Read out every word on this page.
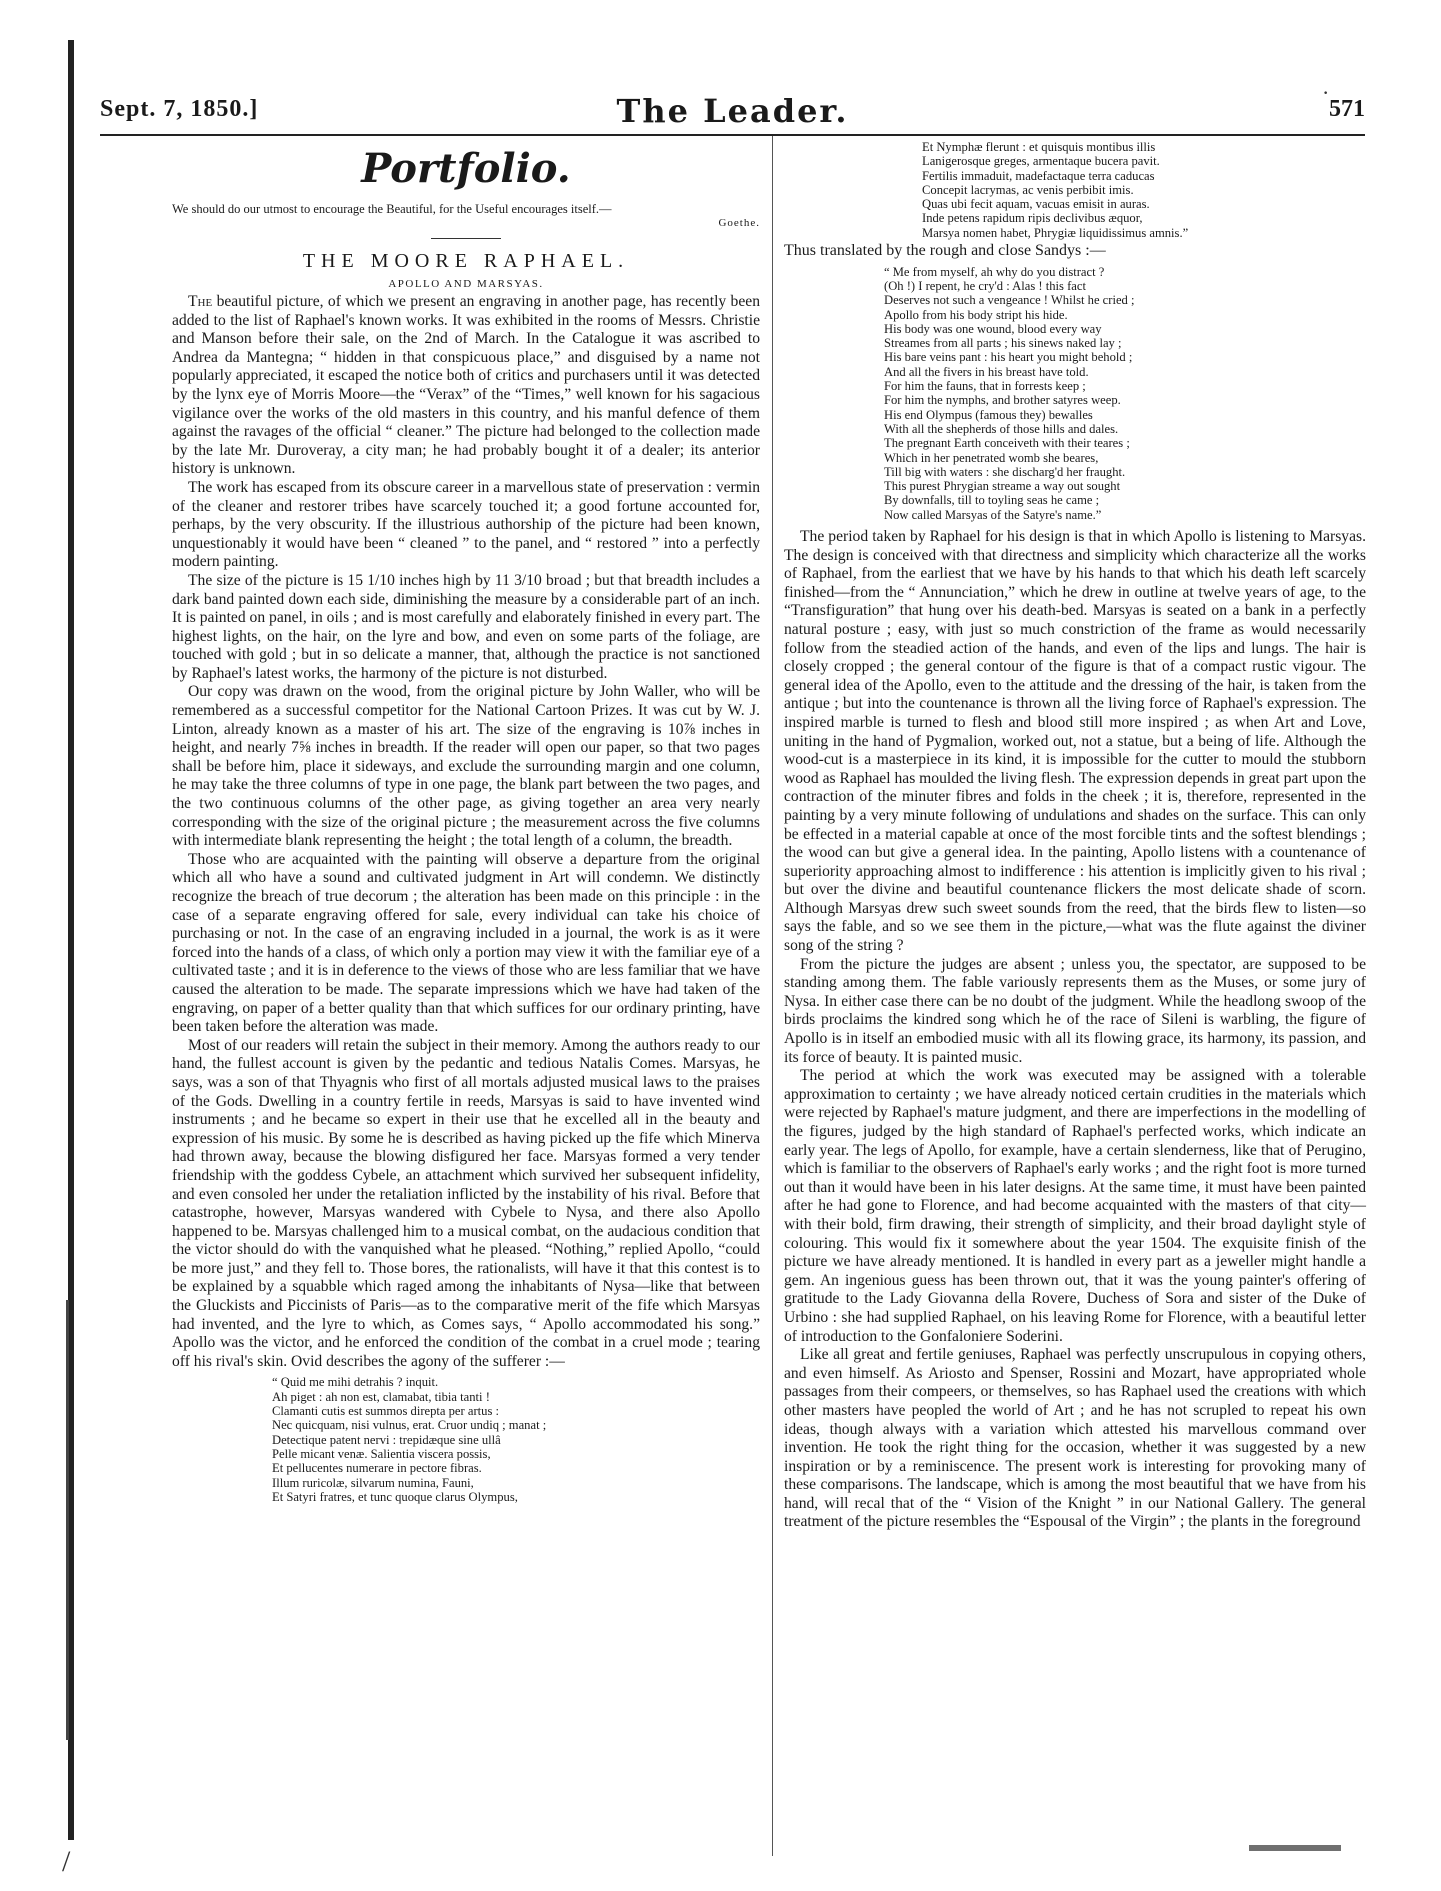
Sept. 7, 1850.]	The Leader.	571
Portfolio.
We should do our utmost to encourage the Beautiful, for the Useful encourages itself.—
Goethe.
THE MOORE RAPHAEL.
APOLLO AND MARSYAS.

The beautiful picture, of which we present an engraving in another page, has recently been added to the list of Raphael's known works. It was exhibited in the rooms of Messrs. Christie and Manson before their sale, on the 2nd of March. In the Catalogue it was ascribed to Andrea da Mantegna; “ hidden in that conspicuous place,” and disguised by a name not popularly appreciated, it escaped the notice both of critics and purchasers until it was detected by the lynx eye of Morris Moore—the “Verax” of the “Times,” well known for his sagacious vigilance over the works of the old masters in this country, and his manful defence of them against the ravages of the official “ cleaner.” The picture had belonged to the collection made by the late Mr. Duroveray, a city man; he had probably bought it of a dealer; its anterior history is unknown.

The work has escaped from its obscure career in a marvellous state of preservation : vermin of the cleaner and restorer tribes have scarcely touched it; a good fortune accounted for, perhaps, by the very obscurity. If the illustrious authorship of the picture had been known, unquestionably it would have been “ cleaned ” to the panel, and “ restored ” into a perfectly modern painting.

The size of the picture is 15 1/10 inches high by 11 3/10 broad ; but that breadth includes a dark band painted down each side, diminishing the measure by a considerable part of an inch. It is painted on panel, in oils ; and is most carefully and elaborately finished in every part. The highest lights, on the hair, on the lyre and bow, and even on some parts of the foliage, are touched with gold ; but in so delicate a manner, that, although the practice is not sanctioned by Raphael's latest works, the harmony of the picture is not disturbed.

Our copy was drawn on the wood, from the original picture by John Waller, who will be remembered as a successful competitor for the National Cartoon Prizes. It was cut by W. J. Linton, already known as a master of his art. The size of the engraving is 10⅞ inches in height, and nearly 7⅝ inches in breadth. If the reader will open our paper, so that two pages shall be before him, place it sideways, and exclude the surrounding margin and one column, he may take the three columns of type in one page, the blank part between the two pages, and the two continuous columns of the other page, as giving together an area very nearly corresponding with the size of the original picture ; the measurement across the five columns with intermediate blank representing the height ; the total length of a column, the breadth.

Those who are acquainted with the painting will observe a departure from the original which all who have a sound and cultivated judgment in Art will condemn. We distinctly recognize the breach of true decorum ; the alteration has been made on this principle : in the case of a separate engraving offered for sale, every individual can take his choice of purchasing or not. In the case of an engraving included in a journal, the work is as it were forced into the hands of a class, of which only a portion may view it with the familiar eye of a cultivated taste ; and it is in deference to the views of those who are less familiar that we have caused the alteration to be made. The separate impressions which we have had taken of the engraving, on paper of a better quality than that which suffices for our ordinary printing, have been taken before the alteration was made.

Most of our readers will retain the subject in their memory. Among the authors ready to our hand, the fullest account is given by the pedantic and tedious Natalis Comes. Marsyas, he says, was a son of that Thyagnis who first of all mortals adjusted musical laws to the praises of the Gods. Dwelling in a country fertile in reeds, Marsyas is said to have invented wind instruments ; and he became so expert in their use that he excelled all in the beauty and expression of his music. By some he is described as having picked up the fife which Minerva had thrown away, because the blowing disfigured her face. Marsyas formed a very tender friendship with the goddess Cybele, an attachment which survived her subsequent infidelity, and even consoled her under the retaliation inflicted by the instability of his rival. Before that catastrophe, however, Marsyas wandered with Cybele to Nysa, and there also Apollo happened to be. Marsyas challenged him to a musical combat, on the audacious condition that the victor should do with the vanquished what he pleased. “Nothing,” replied Apollo, “could be more just,” and they fell to. Those bores, the rationalists, will have it that this contest is to be explained by a squabble which raged among the inhabitants of Nysa—like that between the Gluckists and Piccinists of Paris—as to the comparative merit of the fife which Marsyas had invented, and the lyre to which, as Comes says, “ Apollo accommodated his song.” Apollo was the victor, and he enforced the condition of the combat in a cruel mode ; tearing off his rival's skin. Ovid describes the agony of the sufferer :—

“ Quid me mihi detrahis ? inquit.
Ah piget : ah non est, clamabat, tibia tanti !
Clamanti cutis est summos direpta per artus :
Nec quicquam, nisi vulnus, erat. Cruor undiq ; manat ;
Detectique patent nervi : trepidæque sine ullâ
Pelle micant venæ. Salientia viscera possis,
Et pellucentes numerare in pectore fibras.
Illum ruricolæ, silvarum numina, Fauni,
Et Satyri fratres, et tunc quoque clarus Olympus,
Et Nymphæ flerunt : et quisquis montibus illis
Lanigerosque greges, armentaque bucera pavit.
Fertilis immaduit, madefactaque terra caducas
Concepit lacrymas, ac venis perbibit imis.
Quas ubi fecit aquam, vacuas emisit in auras.
Inde petens rapidum ripis declivibus æquor,
Marsya nomen habet, Phrygiæ liquidissimus amnis.”

Thus translated by the rough and close Sandys :—

“ Me from myself, ah why do you distract ?
(Oh !) I repent, he cry'd : Alas ! this fact
Deserves not such a vengeance ! Whilst he cried ;
Apollo from his body stript his hide.
His body was one wound, blood every way
Streames from all parts ; his sinews naked lay ;
His bare veins pant : his heart you might behold ;
And all the fivers in his breast have told.
For him the fauns, that in forrests keep ;
For him the nymphs, and brother satyres weep.
His end Olympus (famous they) bewalles
With all the shepherds of those hills and dales.
The pregnant Earth conceiveth with their teares ;
Which in her penetrated womb she beares,
Till big with waters : she discharg'd her fraught.
This purest Phrygian streame a way out sought
By downfalls, till to toyling seas he came ;
Now called Marsyas of the Satyre's name.”

The period taken by Raphael for his design is that in which Apollo is listening to Marsyas. The design is conceived with that directness and simplicity which characterize all the works of Raphael, from the earliest that we have by his hands to that which his death left scarcely finished—from the “ Annunciation,” which he drew in outline at twelve years of age, to the “Transfiguration” that hung over his death-bed. Marsyas is seated on a bank in a perfectly natural posture ; easy, with just so much constriction of the frame as would necessarily follow from the steadied action of the hands, and even of the lips and lungs. The hair is closely cropped ; the general contour of the figure is that of a compact rustic vigour. The general idea of the Apollo, even to the attitude and the dressing of the hair, is taken from the antique ; but into the countenance is thrown all the living force of Raphael's expression. The inspired marble is turned to flesh and blood still more inspired ; as when Art and Love, uniting in the hand of Pygmalion, worked out, not a statue, but a being of life. Although the wood-cut is a masterpiece in its kind, it is impossible for the cutter to mould the stubborn wood as Raphael has moulded the living flesh. The expression depends in great part upon the contraction of the minuter fibres and folds in the cheek ; it is, therefore, represented in the painting by a very minute following of undulations and shades on the surface. This can only be effected in a material capable at once of the most forcible tints and the softest blendings ; the wood can but give a general idea. In the painting, Apollo listens with a countenance of superiority approaching almost to indifference : his attention is implicitly given to his rival ; but over the divine and beautiful countenance flickers the most delicate shade of scorn. Although Marsyas drew such sweet sounds from the reed, that the birds flew to listen—so says the fable, and so we see them in the picture,—what was the flute against the diviner song of the string ?

From the picture the judges are absent ; unless you, the spectator, are supposed to be standing among them. The fable variously represents them as the Muses, or some jury of Nysa. In either case there can be no doubt of the judgment. While the headlong swoop of the birds proclaims the kindred song which he of the race of Sileni is warbling, the figure of Apollo is in itself an embodied music with all its flowing grace, its harmony, its passion, and its force of beauty. It is painted music.

The period at which the work was executed may be assigned with a tolerable approximation to certainty ; we have already noticed certain crudities in the materials which were rejected by Raphael's mature judgment, and there are imperfections in the modelling of the figures, judged by the high standard of Raphael's perfected works, which indicate an early year. The legs of Apollo, for example, have a certain slenderness, like that of Perugino, which is familiar to the observers of Raphael's early works ; and the right foot is more turned out than it would have been in his later designs. At the same time, it must have been painted after he had gone to Florence, and had become acquainted with the masters of that city—with their bold, firm drawing, their strength of simplicity, and their broad daylight style of colouring. This would fix it somewhere about the year 1504. The exquisite finish of the picture we have already mentioned. It is handled in every part as a jeweller might handle a gem. An ingenious guess has been thrown out, that it was the young painter's offering of gratitude to the Lady Giovanna della Rovere, Duchess of Sora and sister of the Duke of Urbino : she had supplied Raphael, on his leaving Rome for Florence, with a beautiful letter of introduction to the Gonfaloniere Soderini.

Like all great and fertile geniuses, Raphael was perfectly unscrupulous in copying others, and even himself. As Ariosto and Spenser, Rossini and Mozart, have appropriated whole passages from their compeers, or themselves, so has Raphael used the creations with which other masters have peopled the world of Art ; and he has not scrupled to repeat his own ideas, though always with a variation which attested his marvellous command over invention. He took the right thing for the occasion, whether it was suggested by a new inspiration or by a reminiscence. The present work is interesting for provoking many of these comparisons. The landscape, which is among the most beautiful that we have from his hand, will recal that of the “ Vision of the Knight ” in our National Gallery. The general treatment of the picture resembles the “Espousal of the Virgin” ; the plants in the foreground

·
/
